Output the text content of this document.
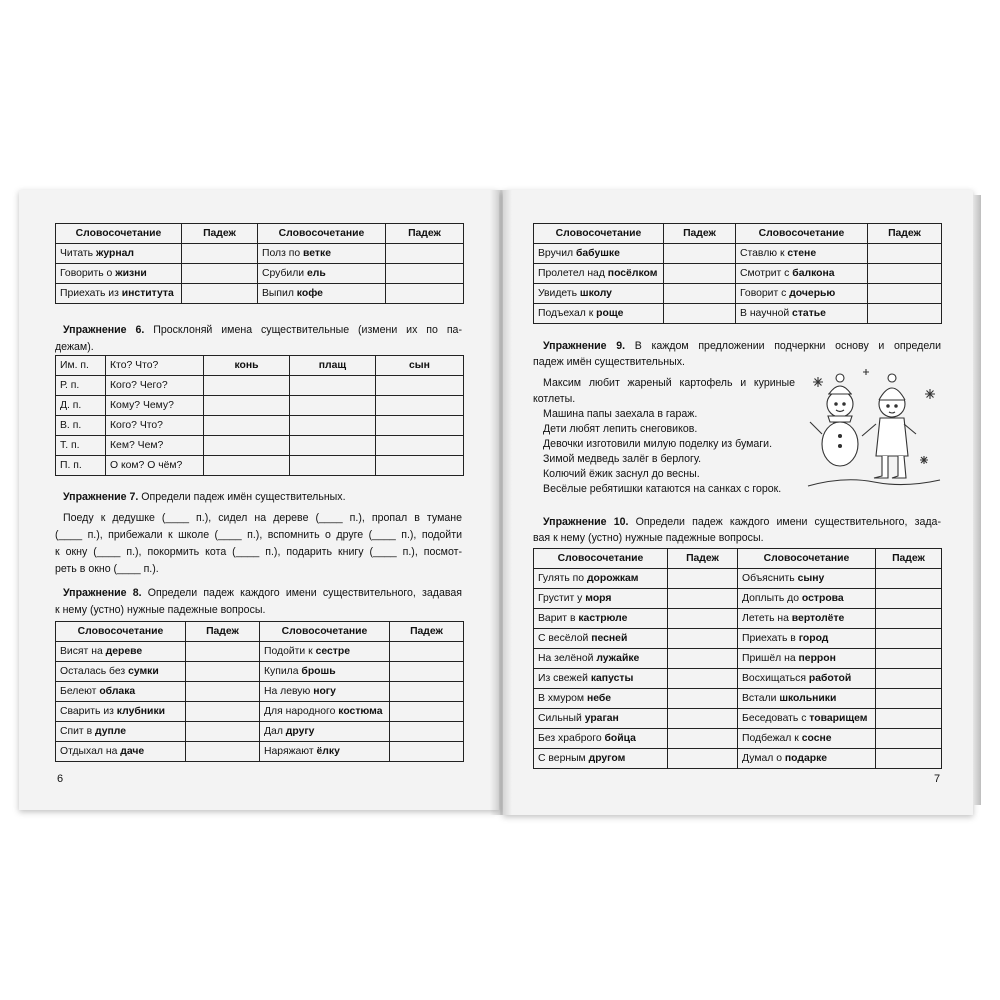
Словосочетание	Падеж	Словосочетание	Падеж
Читать журнал		Полз по ветке	
Говорить о жизни		Срубили ель	
Приехать из института		Выпил кофе	
Упражнение 6. Просклоняй имена существительные (измени их по па-
дежам).
Им. п.	Кто? Что?	конь	плащ	сын
Р. п.	Кого? Чего?			
Д. п.	Кому? Чему?			
В. п.	Кого? Что?			
Т. п.	Кем? Чем?			
П. п.	О ком? О чём?			
Упражнение 7. Определи падеж имён существительных.
Поеду к дедушке (____ п.), сидел на дереве (____ п.), пропал в тумане
(____ п.), прибежали к школе (____ п.), вспомнить о друге (____ п.), подойти
к окну (____ п.), покормить кота (____ п.), подарить книгу (____ п.), посмот-
реть в окно (____ п.).
Упражнение 8. Определи падеж каждого имени существительного, задавая
к нему (устно) нужные падежные вопросы.
Словосочетание	Падеж	Словосочетание	Падеж
Висят на дереве		Подойти к сестре	
Осталась без сумки		Купила брошь	
Белеют облака		На левую ногу	
Сварить из клубники		Для народного костюма	
Спит в дупле		Дал другу	
Отдыхал на даче		Наряжают ёлку	
6
Словосочетание	Падеж	Словосочетание	Падеж
Вручил бабушке		Ставлю к стене	
Пролетел над посёлком		Смотрит с балкона	
Увидеть школу		Говорит с дочерью	
Подъехал к роще		В научной статье	
Упражнение 9. В каждом предложении подчеркни основу и определи
падеж имён существительных.
Максим любит жареный картофель и куриные
котлеты.
Машина папы заехала в гараж.
Дети любят лепить снеговиков.
Девочки изготовили милую поделку из бумаги.
Зимой медведь залёг в берлогу.
Колючий ёжик заснул до весны.
Весёлые ребятишки катаются на санках с горок.
Упражнение 10. Определи падеж каждого имени существительного, зада-
вая к нему (устно) нужные падежные вопросы.
Словосочетание	Падеж	Словосочетание	Падеж
Гулять по дорожкам		Объяснить сыну	
Грустит у моря		Доплыть до острова	
Варит в кастрюле		Лететь на вертолёте	
С весёлой песней		Приехать в город	
На зелёной лужайке		Пришёл на перрон	
Из свежей капусты		Восхищаться работой	
В хмуром небе		Встали школьники	
Сильный ураган		Беседовать с товарищем	
Без храброго бойца		Подбежал к сосне	
С верным другом		Думал о подарке	
7
